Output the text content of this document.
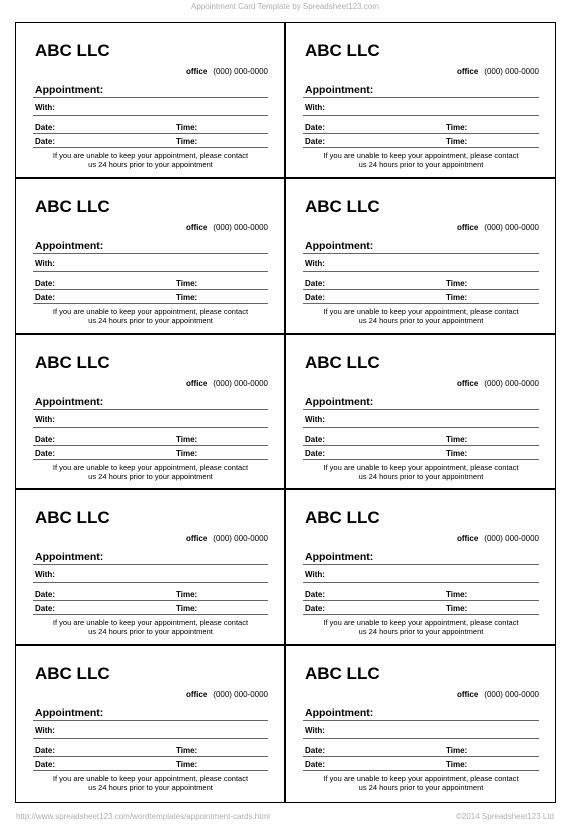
Appointment Card Template by Spreadsheet123.com
ABC LLC
office (000) 000-0000
Appointment:
With:
Date:	Time:
Date:	Time:
If you are unable to keep your appointment, please contact
us 24 hours prior to your appointment
ABC LLC
office (000) 000-0000
Appointment:
With:
Date:	Time:
Date:	Time:
If you are unable to keep your appointment, please contact
us 24 hours prior to your appointment
ABC LLC
office (000) 000-0000
Appointment:
With:
Date:	Time:
Date:	Time:
If you are unable to keep your appointment, please contact
us 24 hours prior to your appointment
ABC LLC
office (000) 000-0000
Appointment:
With:
Date:	Time:
Date:	Time:
If you are unable to keep your appointment, please contact
us 24 hours prior to your appointment
ABC LLC
office (000) 000-0000
Appointment:
With:
Date:	Time:
Date:	Time:
If you are unable to keep your appointment, please contact
us 24 hours prior to your appointment
ABC LLC
office (000) 000-0000
Appointment:
With:
Date:	Time:
Date:	Time:
If you are unable to keep your appointment, please contact
us 24 hours prior to your appointment
ABC LLC
office (000) 000-0000
Appointment:
With:
Date:	Time:
Date:	Time:
If you are unable to keep your appointment, please contact
us 24 hours prior to your appointment
ABC LLC
office (000) 000-0000
Appointment:
With:
Date:	Time:
Date:	Time:
If you are unable to keep your appointment, please contact
us 24 hours prior to your appointment
ABC LLC
office (000) 000-0000
Appointment:
With:
Date:	Time:
Date:	Time:
If you are unable to keep your appointment, please contact
us 24 hours prior to your appointment
ABC LLC
office (000) 000-0000
Appointment:
With:
Date:	Time:
Date:	Time:
If you are unable to keep your appointment, please contact
us 24 hours prior to your appointment
http://www.spreadsheet123.com/wordtemplates/appointment-cards.html	©2014 Spreadsheet123 Ltd
